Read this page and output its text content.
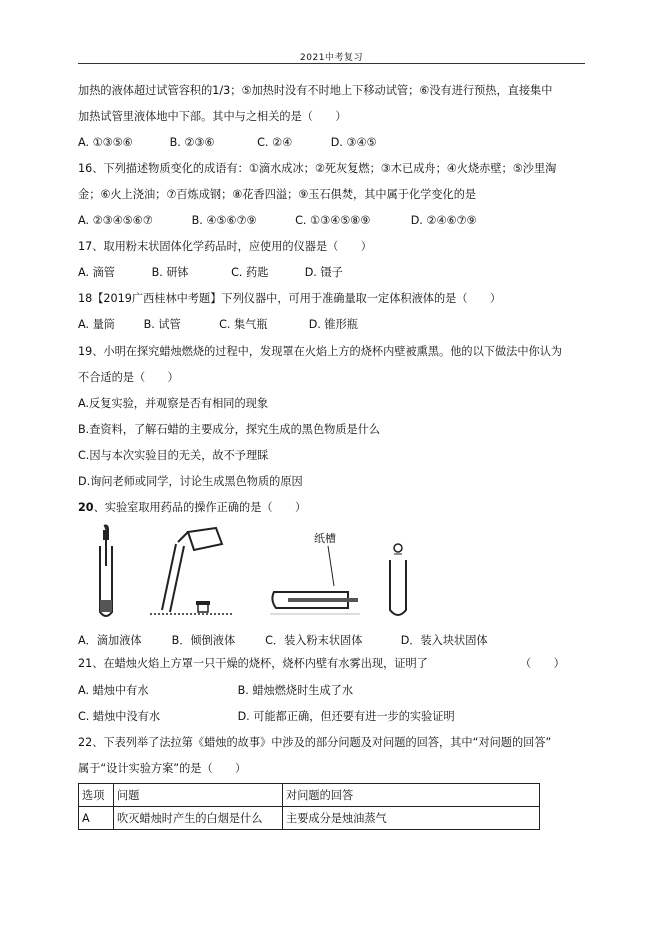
2021中考复习
加热的液体超过试管容积的1/3；⑤加热时没有不时地上下移动试管；⑥没有进行预热，直接集中
加热试管里液体地中下部。其中与之相关的是（　　）
A. ①③⑤⑥	B. ②③⑥	C. ②④	D. ③④⑤
16、下列描述物质变化的成语有：①滴水成冰；②死灰复燃；③木已成舟；④火烧赤壁；⑤沙里淘
金；⑥火上浇油；⑦百炼成钢；⑧花香四溢；⑨玉石俱焚，其中属于化学变化的是
A. ②③④⑤⑥⑦	B. ④⑤⑥⑦⑨	C. ①③④⑤⑧⑨	D. ②④⑥⑦⑨
17、取用粉末状固体化学药品时，应使用的仪器是（　　）
A. 滴管	B. 研钵	C. 药匙	D. 镊子
18【2019广西桂林中考题】下列仪器中，可用于准确量取一定体积液体的是（　　）
A. 量筒	B. 试管	C. 集气瓶	D. 锥形瓶
19、小明在探究蜡烛燃烧的过程中，发现罩在火焰上方的烧杯内壁被熏黑。他的以下做法中你认为
不合适的是（　　）
A.反复实验，并观察是否有相同的现象
B.查资料，了解石蜡的主要成分，探究生成的黑色物质是什么
C.因与本次实验目的无关，故不予理睬
D.询问老师或同学，讨论生成黑色物质的原因
20、实验室取用药品的操作正确的是（　　）
纸槽
A．滴加液体	B．倾倒液体	C．装入粉末状固体	D．装入块状固体
21、在蜡烛火焰上方罩一只干燥的烧杯，烧杯内壁有水雾出现，证明了	（　　）
A. 蜡烛中有水	B. 蜡烛燃烧时生成了水
C. 蜡烛中没有水	D. 可能都正确，但还要有进一步的实验证明
22、下表列举了法拉第《蜡烛的故事》中涉及的部分问题及对问题的回答，其中“对问题的回答”
属于“设计实验方案”的是（　　）
选项	问题	对问题的回答
A	吹灭蜡烛时产生的白烟是什么	主要成分是烛油蒸气
